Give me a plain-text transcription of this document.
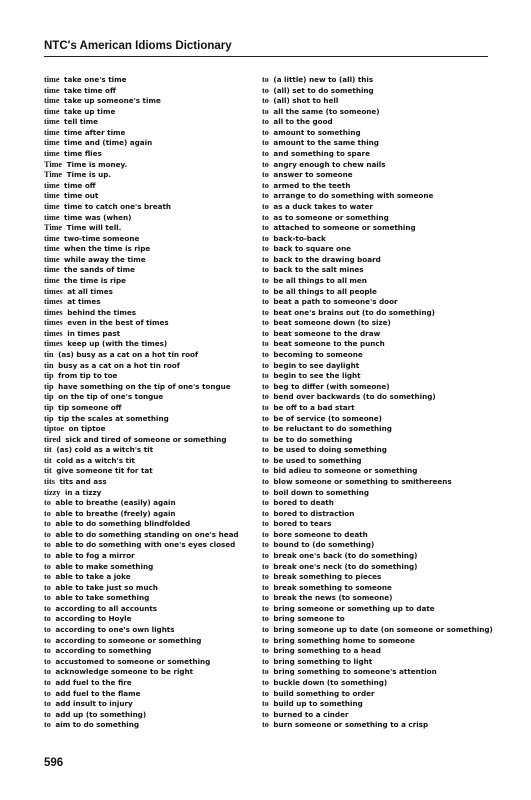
NTC's American Idioms Dictionary
time take one's time
time take time off
time take up someone's time
time take up time
time tell time
time time after time
time time and (time) again
time time flies
Time Time is money.
Time Time is up.
time time off
time time out
time time to catch one's breath
time time was (when)
Time Time will tell.
time two-time someone
time when the time is ripe
time while away the time
time the sands of time
time the time is ripe
times at all times
times at times
times behind the times
times even in the best of times
times in times past
times keep up (with the times)
tin (as) busy as a cat on a hot tin roof
tin busy as a cat on a hot tin roof
tip from tip to toe
tip have something on the tip of one's tongue
tip on the tip of one's tongue
tip tip someone off
tip tip the scales at something
tiptoe on tiptoe
tired sick and tired of someone or something
tit (as) cold as a witch's tit
tit cold as a witch's tit
tit give someone tit for tat
tits tits and ass
tizzy in a tizzy
to able to breathe (easily) again
to able to breathe (freely) again
to able to do something blindfolded
to able to do something standing on one's head
to able to do something with one's eyes closed
to able to fog a mirror
to able to make something
to able to take a joke
to able to take just so much
to able to take something
to according to all accounts
to according to Hoyle
to according to one's own lights
to according to someone or something
to according to something
to accustomed to someone or something
to acknowledge someone to be right
to add fuel to the fire
to add fuel to the flame
to add insult to injury
to add up (to something)
to aim to do something
to (a little) new to (all) this
to (all) set to do something
to (all) shot to hell
to all the same (to someone)
to all to the good
to amount to something
to amount to the same thing
to and something to spare
to angry enough to chew nails
to answer to someone
to armed to the teeth
to arrange to do something with someone
to as a duck takes to water
to as to someone or something
to attached to someone or something
to back-to-back
to back to square one
to back to the drawing board
to back to the salt mines
to be all things to all men
to be all things to all people
to beat a path to someone's door
to beat one's brains out (to do something)
to beat someone down (to size)
to beat someone to the draw
to beat someone to the punch
to becoming to someone
to begin to see daylight
to begin to see the light
to beg to differ (with someone)
to bend over backwards (to do something)
to be off to a bad start
to be of service (to someone)
to be reluctant to do something
to be to do something
to be used to doing something
to be used to something
to bid adieu to someone or something
to blow someone or something to smithereens
to boil down to something
to bored to death
to bored to distraction
to bored to tears
to bore someone to death
to bound to (do something)
to break one's back (to do something)
to break one's neck (to do something)
to break something to pieces
to break something to someone
to break the news (to someone)
to bring someone or something up to date
to bring someone to
to bring someone up to date (on someone or something)
to bring something home to someone
to bring something to a head
to bring something to light
to bring something to someone's attention
to buckle down (to something)
to build something to order
to build up to something
to burned to a cinder
to burn someone or something to a crisp
596
